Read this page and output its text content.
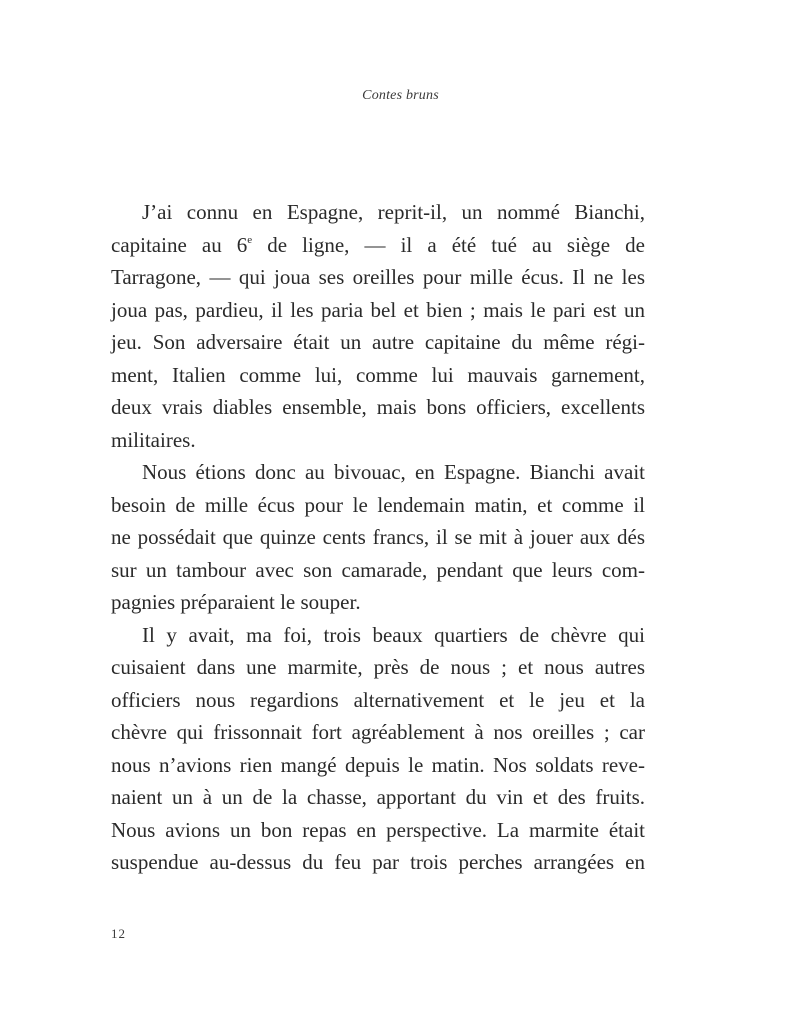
Contes bruns
J’ai connu en Espagne, reprit-il, un nommé Bianchi,
capitaine au 6e de ligne, — il a été tué au siège de
Tarragone, — qui joua ses oreilles pour mille écus. Il ne les
joua pas, pardieu, il les paria bel et bien ; mais le pari est un
jeu. Son adversaire était un autre capitaine du même régi-
ment, Italien comme lui, comme lui mauvais garnement,
deux vrais diables ensemble, mais bons officiers, excellents
militaires.
Nous étions donc au bivouac, en Espagne. Bianchi avait
besoin de mille écus pour le lendemain matin, et comme il
ne possédait que quinze cents francs, il se mit à jouer aux dés
sur un tambour avec son camarade, pendant que leurs com-
pagnies préparaient le souper.
Il y avait, ma foi, trois beaux quartiers de chèvre qui
cuisaient dans une marmite, près de nous ; et nous autres
officiers nous regardions alternativement et le jeu et la
chèvre qui frissonnait fort agréablement à nos oreilles ; car
nous n’avions rien mangé depuis le matin. Nos soldats reve-
naient un à un de la chasse, apportant du vin et des fruits.
Nous avions un bon repas en perspective. La marmite était
suspendue au-dessus du feu par trois perches arrangées en
12
